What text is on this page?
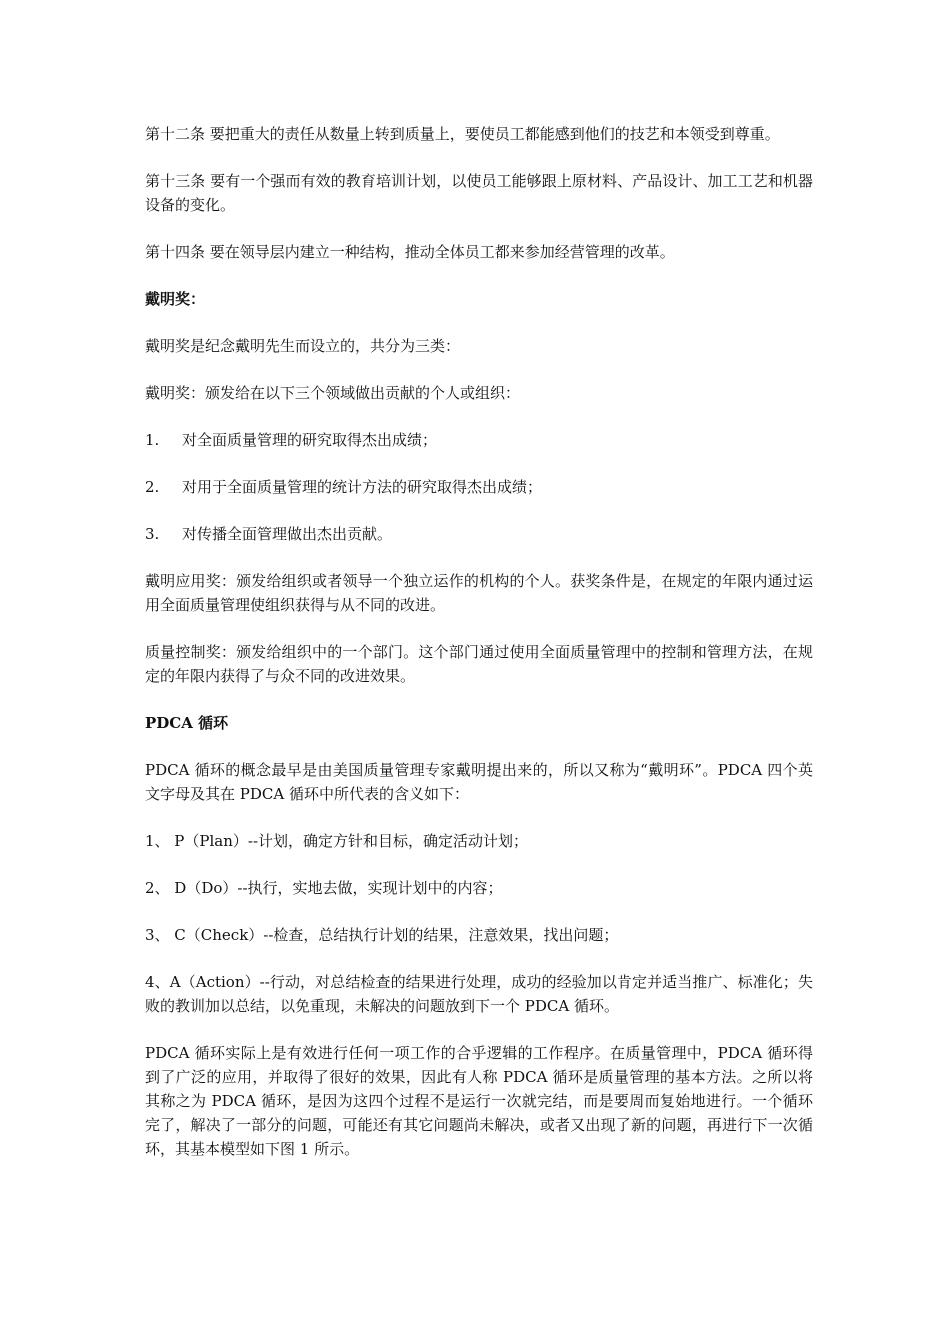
第十二条 要把重大的责任从数量上转到质量上，要使员工都能感到他们的技艺和本领受到尊重。

第十三条 要有一个强而有效的教育培训计划，以使员工能够跟上原材料、产品设计、加工工艺和机器设备的变化。

第十四条 要在领导层内建立一种结构，推动全体员工都来参加经营管理的改革。

戴明奖：

戴明奖是纪念戴明先生而设立的，共分为三类：

戴明奖：颁发给在以下三个领域做出贡献的个人或组织：

1.	对全面质量管理的研究取得杰出成绩；
2.	对用于全面质量管理的统计方法的研究取得杰出成绩；
3.	对传播全面管理做出杰出贡献。

戴明应用奖：颁发给组织或者领导一个独立运作的机构的个人。获奖条件是，在规定的年限内通过运用全面质量管理使组织获得与从不同的改进。

质量控制奖：颁发给组织中的一个部门。这个部门通过使用全面质量管理中的控制和管理方法，在规定的年限内获得了与众不同的改进效果。

PDCA 循环

PDCA 循环的概念最早是由美国质量管理专家戴明提出来的，所以又称为“戴明环”。PDCA 四个英文字母及其在 PDCA 循环中所代表的含义如下：

1、 P（Plan）--计划，确定方针和目标，确定活动计划；

2、 D（Do）--执行，实地去做，实现计划中的内容；

3、 C（Check）--检查，总结执行计划的结果，注意效果，找出问题；

4、A（Action）--行动，对总结检查的结果进行处理，成功的经验加以肯定并适当推广、标准化；失败的教训加以总结，以免重现，未解决的问题放到下一个 PDCA 循环。

PDCA 循环实际上是有效进行任何一项工作的合乎逻辑的工作程序。在质量管理中，PDCA 循环得到了广泛的应用，并取得了很好的效果，因此有人称 PDCA 循环是质量管理的基本方法。之所以将其称之为 PDCA 循环，是因为这四个过程不是运行一次就完结，而是要周而复始地进行。一个循环完了，解决了一部分的问题，可能还有其它问题尚未解决，或者又出现了新的问题，再进行下一次循环，其基本模型如下图 1 所示。
